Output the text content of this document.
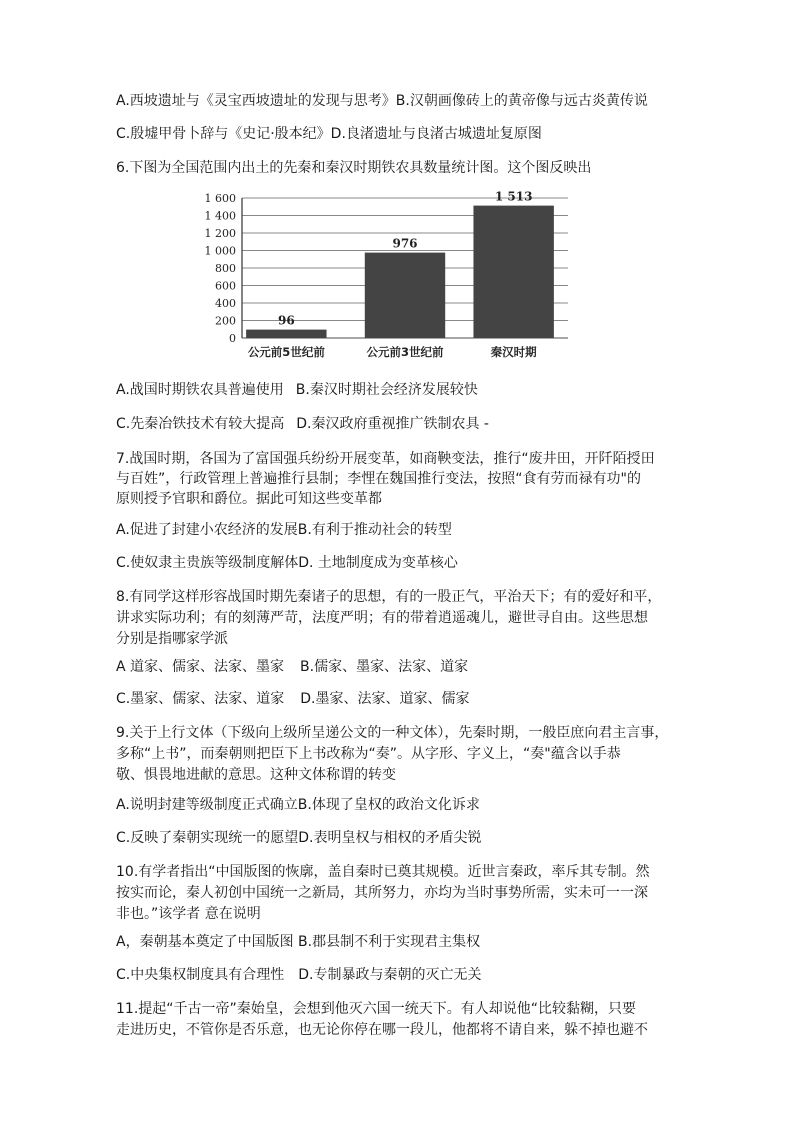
A.西坡遗址与《灵宝西坡遗址的发现与思考》B.汉朝画像砖上的黄帝像与远古炎黄传说
C.殷墟甲骨卜辞与《史记·殷本纪》D.良渚遗址与良渚古城遗址复原图
6.下图为全国范围内出土的先秦和秦汉时期铁农具数量统计图。这个图反映出
0
200
400
600
800
1 000
1 200
1 400
1 600
96
976
1 513
公元前5世纪前	公元前3世纪前	秦汉时期
A.战国时期铁农具普遍使用 B.秦汉时期社会经济发展较快
C.先秦冶铁技术有较大提高 D.秦汉政府重视推广铁制农具 -
7.战国时期，各国为了富国强兵纷纷开展变革，如商鞅变法，推行“废井田，开阡陌授田
与百姓”，行政管理上普遍推行县制；李悝在魏国推行变法，按照“食有劳而禄有功"的
原则授予官职和爵位。据此可知这些变革都
A.促进了封建小农经济的发展B.有利于推动社会的转型
C.使奴隶主贵族等级制度解体D. 土地制度成为变革核心
8.有同学这样形容战国时期先秦诸子的思想，有的一股正气，平治天下；有的爱好和平，
讲求实际功利；有的刻薄严苛，法度严明；有的带着逍遥魂儿，避世寻自由。这些思想
分别是指哪家学派
A 道家、儒家、法家、墨家 B.儒家、墨家、法家、道家
C.墨家、儒家、法家、道家 D.墨家、法家、道家、儒家
9.关于上行文体（下级向上级所呈递公文的一种文体），先秦时期，一般臣庶向君主言事，
多称“上书”，而秦朝则把臣下上书改称为“奏”。从字形、字义上，“奏"蕴含以手恭
敬、惧畏地进献的意思。这种文体称谓的转变
A.说明封建等级制度正式确立B.体现了皇权的政治文化诉求
C.反映了秦朝实现统一的愿望D.表明皇权与相权的矛盾尖锐
10.有学者指出“中国版图的恢廓，盖自秦时已奠其规模。近世言秦政，率斥其专制。然
按实而论，秦人初创中国统一之新局，其所努力，亦均为当时事势所需，实未可一一深
非也。”该学者 意在说明
A，秦朝基本奠定了中国版图 B.郡县制不利于实现君主集权
C.中央集权制度具有合理性 D.专制暴政与秦朝的灭亡无关
11.提起“千古一帝”秦始皇，会想到他灭六国一统天下。有人却说他“比较黏糊，只要
走进历史，不管你是否乐意，也无论你停在哪一段儿，他都将不请自来，躲不掉也避不
